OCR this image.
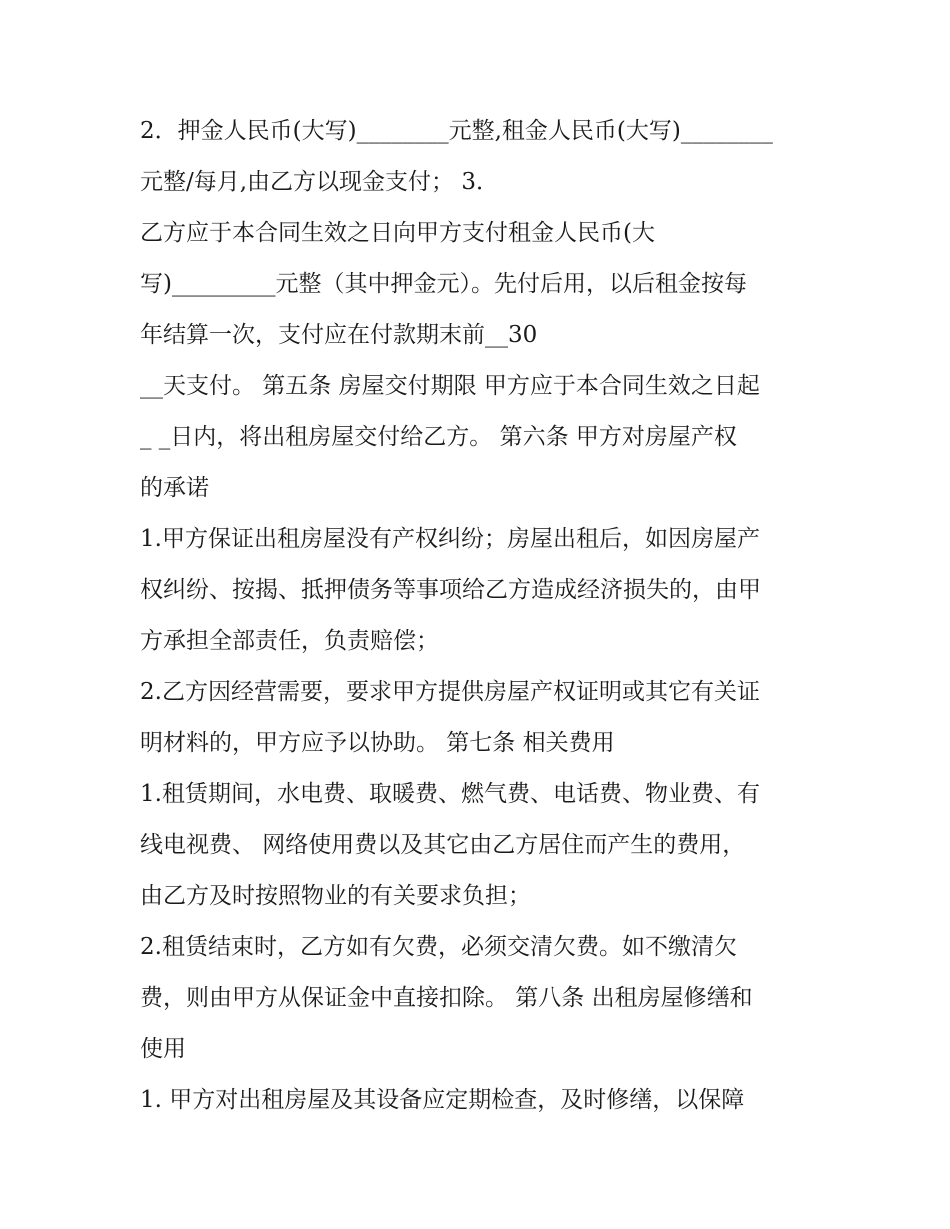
2．押金人民币(大写)________元整,租金人民币(大写)________
元整/每月,由乙方以现金支付； 3．
乙方应于本合同生效之日向甲方支付租金人民币(大
写)_________元整（其中押金元）。先付后用，以后租金按每
年结算一次，支付应在付款期末前__30
__天支付。 第五条 房屋交付期限 甲方应于本合同生效之日起
_ _日内，将出租房屋交付给乙方。 第六条 甲方对房屋产权
的承诺
1.甲方保证出租房屋没有产权纠纷；房屋出租后，如因房屋产
权纠纷、按揭、抵押债务等事项给乙方造成经济损失的，由甲
方承担全部责任，负责赔偿；
2.乙方因经营需要，要求甲方提供房屋产权证明或其它有关证
明材料的，甲方应予以协助。 第七条 相关费用
1.租赁期间，水电费、取暖费、燃气费、电话费、物业费、有
线电视费、 网络使用费以及其它由乙方居住而产生的费用，
由乙方及时按照物业的有关要求负担；
2.租赁结束时，乙方如有欠费，必须交清欠费。如不缴清欠
费，则由甲方从保证金中直接扣除。 第八条 出租房屋修缮和
使用
1. 甲方对出租房屋及其设备应定期检查，及时修缮，以保障
